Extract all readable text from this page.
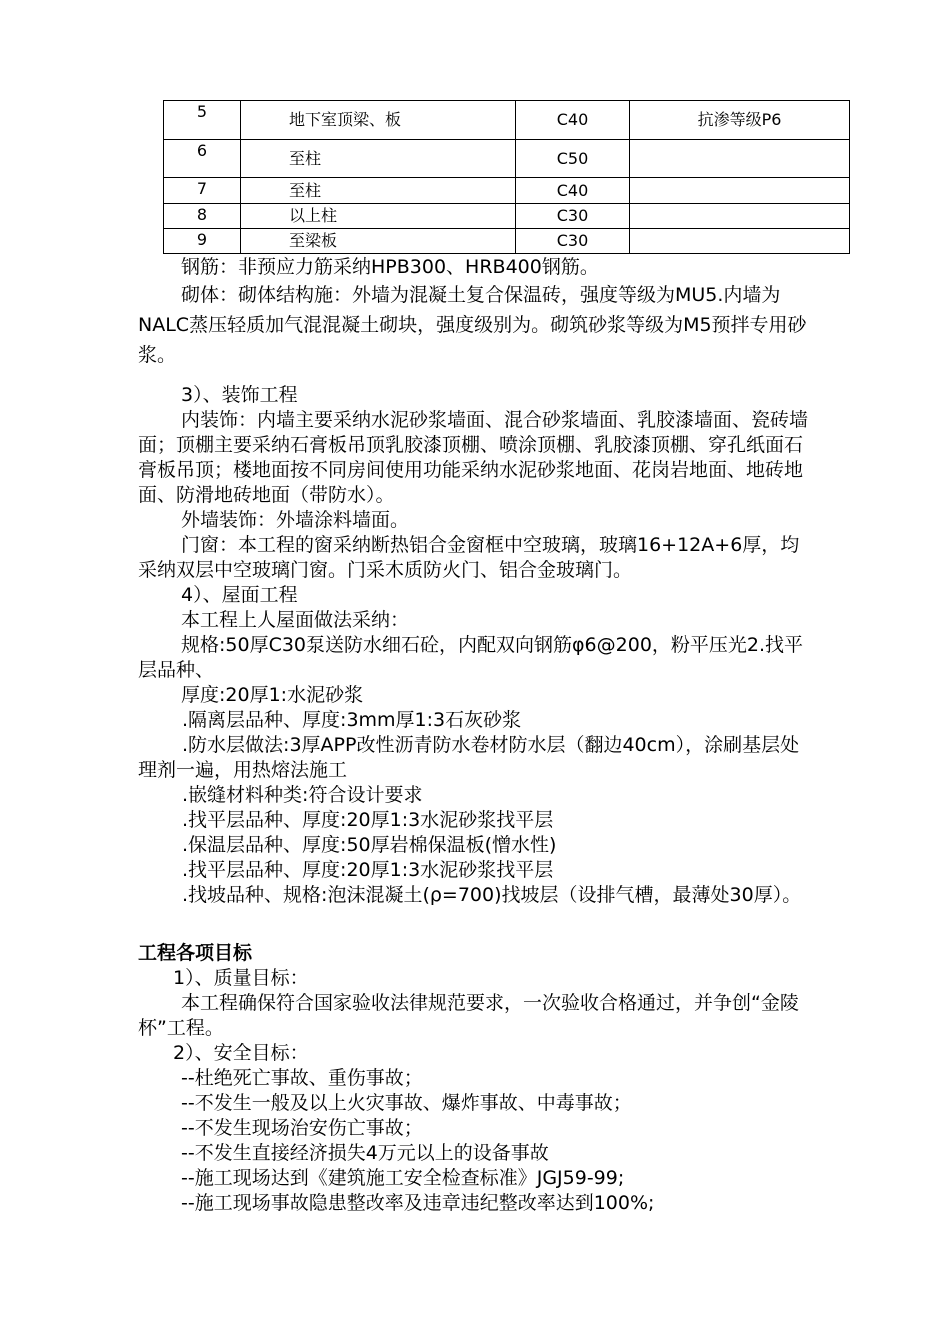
5	地下室顶梁、板	C40	抗渗等级P6
6	至柱	C50	
7	至柱	C40	
8	以上柱	C30	
9	至梁板	C30	

钢筋：非预应力筋采纳HPB300、HRB400钢筋。

砌体：砌体结构施：外墙为混凝土复合保温砖，强度等级为MU5.内墙为NALC蒸压轻质加气混混凝土砌块，强度级别为。砌筑砂浆等级为M5预拌专用砂浆。

3）、装饰工程

内装饰：内墙主要采纳水泥砂浆墙面、混合砂浆墙面、乳胶漆墙面、瓷砖墙面；顶棚主要采纳石膏板吊顶乳胶漆顶棚、喷涂顶棚、乳胶漆顶棚、穿孔纸面石膏板吊顶；楼地面按不同房间使用功能采纳水泥砂浆地面、花岗岩地面、地砖地面、防滑地砖地面（带防水）。

外墙装饰：外墙涂料墙面。

门窗：本工程的窗采纳断热铝合金窗框中空玻璃，玻璃16+12A+6厚，均采纳双层中空玻璃门窗。门采木质防火门、铝合金玻璃门。

4）、屋面工程

本工程上人屋面做法采纳：

规格:50厚C30泵送防水细石砼，内配双向钢筋φ6@200，粉平压光2.找平层品种、

厚度:20厚1:水泥砂浆

.隔离层品种、厚度:3mm厚1:3石灰砂浆

.防水层做法:3厚APP改性沥青防水卷材防水层（翻边40cm），涂刷基层处理剂一遍，用热熔法施工

.嵌缝材料种类:符合设计要求

.找平层品种、厚度:20厚1:3水泥砂浆找平层

.保温层品种、厚度:50厚岩棉保温板(憎水性)

.找平层品种、厚度:20厚1:3水泥砂浆找平层

.找坡品种、规格:泡沫混凝土(ρ=700)找坡层（设排气槽，最薄处30厚）。

工程各项目标

1）、质量目标：

本工程确保符合国家验收法律规范要求，一次验收合格通过，并争创“金陵杯”工程。

2）、安全目标：

--杜绝死亡事故、重伤事故；

--不发生一般及以上火灾事故、爆炸事故、中毒事故；

--不发生现场治安伤亡事故；

--不发生直接经济损失4万元以上的设备事故

--施工现场达到《建筑施工安全检查标准》JGJ59-99;

--施工现场事故隐患整改率及违章违纪整改率达到100%;
